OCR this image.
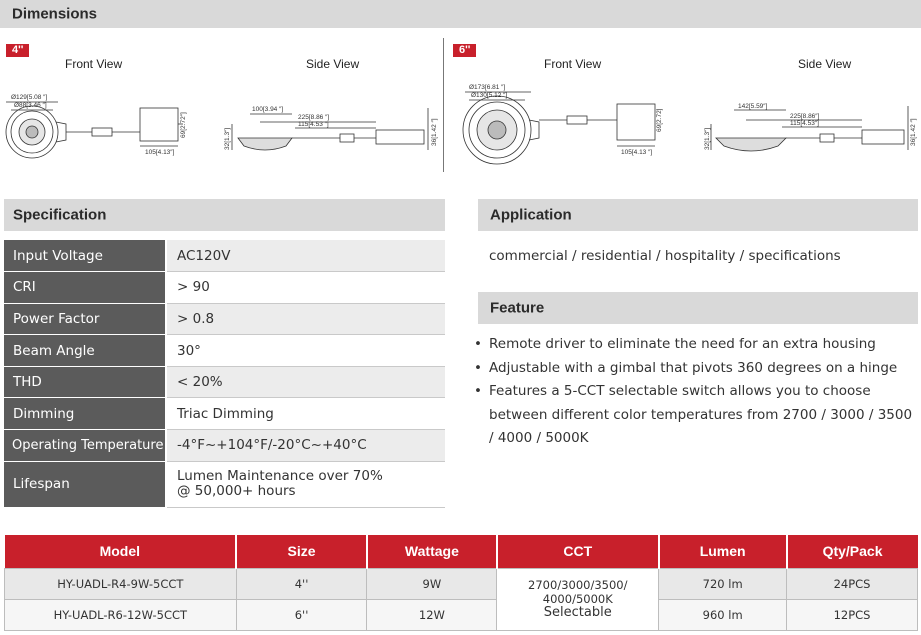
Dimensions
4''
Front View	Side View
Ø129[5.08 ″]
Ø88[3.46 ″]
105[4.13″]
69[2.72″]
100[3.94 ″]
225[8.86 ″]
115[4.53 ″]
32[1.3″]	36[1.42 ″]
6''
Front View	Side View
Ø173[6.81 ″]
Ø130[5.12 ″]
105[4.13 ″]
69[2.72]
142[5.59″]
225[8.86″]
115[4.53″]
32[1.3″]	36[1.42 ″]
Specification
Input Voltage	AC120V
CRI	> 90
Power Factor	> 0.8
Beam Angle	30°
THD	< 20%
Dimming	Triac Dimming
Operating Temperature	-4°F~+104°F/-20°C~+40°C
Lifespan	Lumen Maintenance over 70%
@ 50,000+ hours
Application
commercial / residential / hospitality / specifications
Feature
• Remote driver to eliminate the need for an extra housing
• Adjustable with a gimbal that pivots 360 degrees on a hinge
• Features a 5-CCT selectable switch allows you to choose between different color temperatures from 2700 / 3000 / 3500 / 4000 / 5000K
Model	Size	Wattage	CCT	Lumen	Qty/Pack
HY-UADL-R4-9W-5CCT	4''	9W	2700/3000/3500/
4000/5000K
Selectable	720 lm	24PCS
HY-UADL-R6-12W-5CCT	6''	12W		960 lm	12PCS
